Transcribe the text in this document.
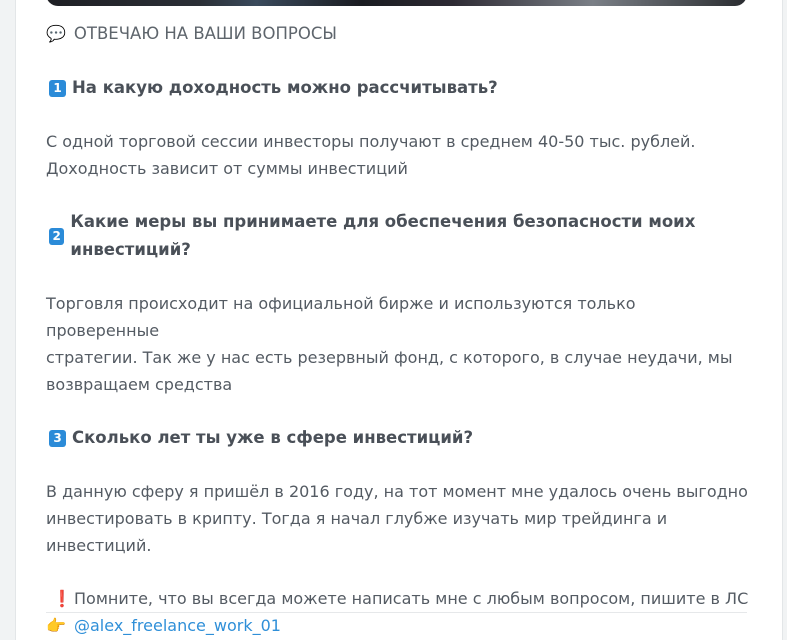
💬 ОТВЕЧАЮ НА ВАШИ ВОПРОСЫ
1 На какую доходность можно рассчитывать?
С одной торговой сессии инвесторы получают в среднем 40-50 тыс. рублей.
Доходность зависит от суммы инвестиций
2
Какие меры вы принимаете для обеспечения безопасности моих инвестиций?
Торговля происходит на официальной бирже и используются только проверенные
стратегии. Так же у нас есть резервный фонд, с которого, в случае неудачи, мы
возвращаем средства
3 Сколько лет ты уже в сфере инвестиций?
В данную сферу я пришёл в 2016 году, на тот момент мне удалось очень выгодно
инвестировать в крипту. Тогда я начал глубже изучать мир трейдинга и
инвестиций.
❗ Помните, что вы всегда можете написать мне с любым вопросом, пишите в ЛС
👉 @alex_freelance_work_01
